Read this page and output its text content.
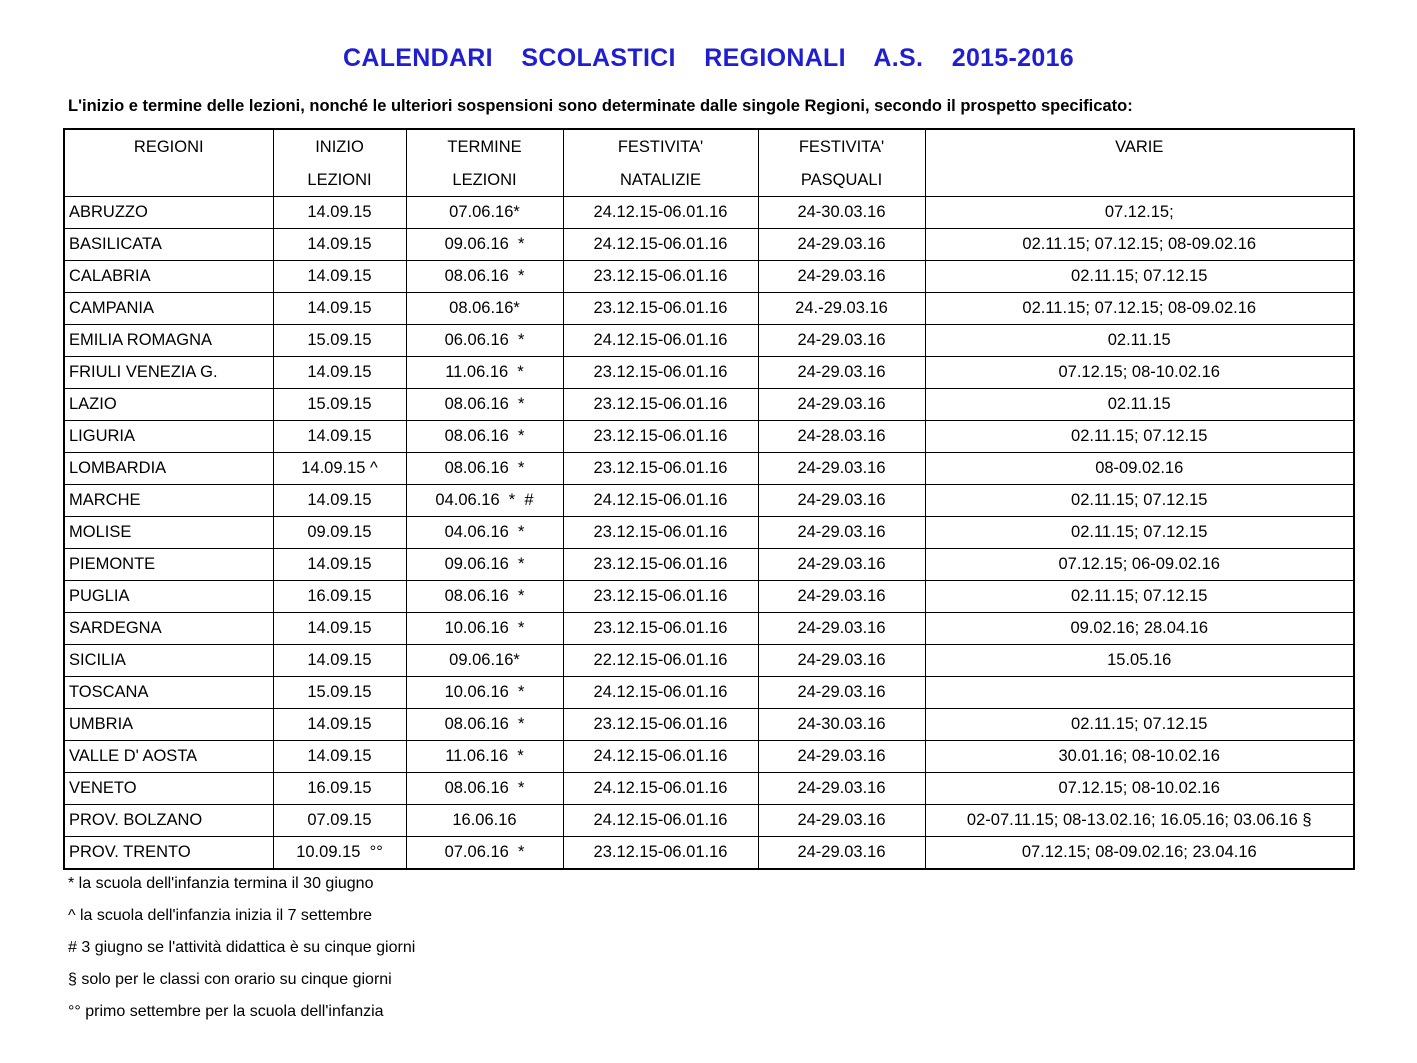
CALENDARI  SCOLASTICI  REGIONALI  A.S.  2015-2016
L'inizio e termine delle lezioni, nonché le ulteriori sospensioni sono determinate dalle singole Regioni, secondo il prospetto specificato:
REGIONI	INIZIO	TERMINE	FESTIVITA'	FESTIVITA'	VARIE
	LEZIONI	LEZIONI	NATALIZIE	PASQUALI	
ABRUZZO	14.09.15	07.06.16*	24.12.15-06.01.16	24-30.03.16	07.12.15;
BASILICATA	14.09.15	09.06.16  *	24.12.15-06.01.16	24-29.03.16	02.11.15; 07.12.15; 08-09.02.16
CALABRIA	14.09.15	08.06.16  *	23.12.15-06.01.16	24-29.03.16	02.11.15; 07.12.15
CAMPANIA	14.09.15	08.06.16*	23.12.15-06.01.16	24.-29.03.16	02.11.15; 07.12.15; 08-09.02.16
EMILIA ROMAGNA	15.09.15	06.06.16  *	24.12.15-06.01.16	24-29.03.16	02.11.15
FRIULI VENEZIA G.	14.09.15	11.06.16  *	23.12.15-06.01.16	24-29.03.16	07.12.15; 08-10.02.16
LAZIO	15.09.15	08.06.16  *	23.12.15-06.01.16	24-29.03.16	02.11.15
LIGURIA	14.09.15	08.06.16  *	23.12.15-06.01.16	24-28.03.16	02.11.15; 07.12.15
LOMBARDIA	14.09.15 ^	08.06.16  *	23.12.15-06.01.16	24-29.03.16	08-09.02.16
MARCHE	14.09.15	04.06.16  *  #	24.12.15-06.01.16	24-29.03.16	02.11.15; 07.12.15
MOLISE	09.09.15	04.06.16  *	23.12.15-06.01.16	24-29.03.16	02.11.15; 07.12.15
PIEMONTE	14.09.15	09.06.16  *	23.12.15-06.01.16	24-29.03.16	07.12.15; 06-09.02.16
PUGLIA	16.09.15	08.06.16  *	23.12.15-06.01.16	24-29.03.16	02.11.15; 07.12.15
SARDEGNA	14.09.15	10.06.16  *	23.12.15-06.01.16	24-29.03.16	09.02.16; 28.04.16
SICILIA	14.09.15	09.06.16*	22.12.15-06.01.16	24-29.03.16	15.05.16
TOSCANA	15.09.15	10.06.16  *	24.12.15-06.01.16	24-29.03.16	
UMBRIA	14.09.15	08.06.16  *	23.12.15-06.01.16	24-30.03.16	02.11.15; 07.12.15
VALLE D' AOSTA	14.09.15	11.06.16  *	24.12.15-06.01.16	24-29.03.16	30.01.16; 08-10.02.16
VENETO	16.09.15	08.06.16  *	24.12.15-06.01.16	24-29.03.16	07.12.15; 08-10.02.16
PROV. BOLZANO	07.09.15	16.06.16	24.12.15-06.01.16	24-29.03.16	02-07.11.15; 08-13.02.16; 16.05.16; 03.06.16 §
PROV. TRENTO	10.09.15  °°	07.06.16  *	23.12.15-06.01.16	24-29.03.16	07.12.15; 08-09.02.16; 23.04.16
* la scuola dell'infanzia termina il 30 giugno
^ la scuola dell'infanzia inizia il 7 settembre
# 3 giugno se l'attività didattica è su cinque giorni
§ solo per le classi con orario su cinque giorni
°° primo settembre per la scuola dell'infanzia
